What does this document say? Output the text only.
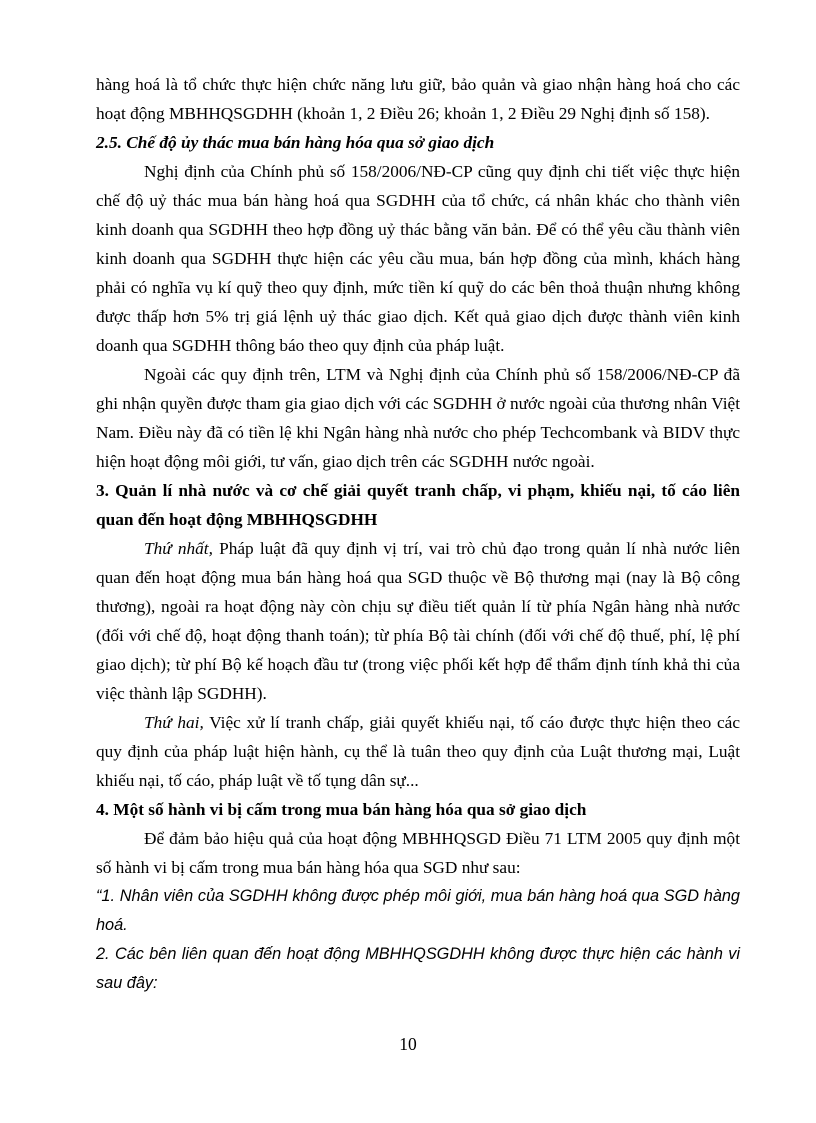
hàng hoá là tổ chức thực hiện chức năng lưu giữ, bảo quản và giao nhận hàng hoá cho các hoạt động MBHHQSGDHH (khoản 1, 2 Điều 26; khoản 1, 2 Điều 29 Nghị định số 158).

2.5. Chế độ ủy thác mua bán hàng hóa qua sở giao dịch

Nghị định của Chính phủ số 158/2006/NĐ-CP cũng quy định chi tiết việc thực hiện chế độ uỷ thác mua bán hàng hoá qua SGDHH của tổ chức, cá nhân khác cho thành viên kinh doanh qua SGDHH theo hợp đồng uỷ thác bằng văn bản. Để có thể yêu cầu thành viên kinh doanh qua SGDHH thực hiện các yêu cầu mua, bán hợp đồng của mình, khách hàng phải có nghĩa vụ kí quỹ theo quy định, mức tiền kí quỹ do các bên thoả thuận nhưng không được thấp hơn 5% trị giá lệnh uỷ thác giao dịch. Kết quả giao dịch được thành viên kinh doanh qua SGDHH thông báo theo quy định của pháp luật.

Ngoài các quy định trên, LTM và Nghị định của Chính phủ số 158/2006/NĐ-CP đã ghi nhận quyền được tham gia giao dịch với các SGDHH ở nước ngoài của thương nhân Việt Nam. Điều này đã có tiền lệ khi Ngân hàng nhà nước cho phép Techcombank và BIDV thực hiện hoạt động môi giới, tư vấn, giao dịch trên các SGDHH nước ngoài.

3. Quản lí nhà nước và cơ chế giải quyết tranh chấp, vi phạm, khiếu nại, tố cáo liên quan đến hoạt động MBHHQSGDHH

Thứ nhất, Pháp luật đã quy định vị trí, vai trò chủ đạo trong quản lí nhà nước liên quan đến hoạt động mua bán hàng hoá qua SGD thuộc về Bộ thương mại (nay là Bộ công thương), ngoài ra hoạt động này còn chịu sự điều tiết quản lí từ phía Ngân hàng nhà nước (đối với chế độ, hoạt động thanh toán); từ phía Bộ tài chính (đối với chế độ thuế, phí, lệ phí giao dịch); từ phí Bộ kế hoạch đầu tư (trong việc phối kết hợp để thẩm định tính khả thi của việc thành lập SGDHH).

Thứ hai, Việc xử lí tranh chấp, giải quyết khiếu nại, tố cáo được thực hiện theo các quy định của pháp luật hiện hành, cụ thể là tuân theo quy định của Luật thương mại, Luật khiếu nại, tố cáo, pháp luật về tố tụng dân sự...

4. Một số hành vi bị cấm trong mua bán hàng hóa qua sở giao dịch

Để đảm bảo hiệu quả của hoạt động MBHHQSGD Điều 71 LTM 2005 quy định một số hành vi bị cấm trong mua bán hàng hóa qua SGD như sau:

“1. Nhân viên của SGDHH không được phép môi giới, mua bán hàng hoá qua SGD hàng hoá.

2. Các bên liên quan đến hoạt động MBHHQSGDHH không được thực hiện các hành vi sau đây:

10
